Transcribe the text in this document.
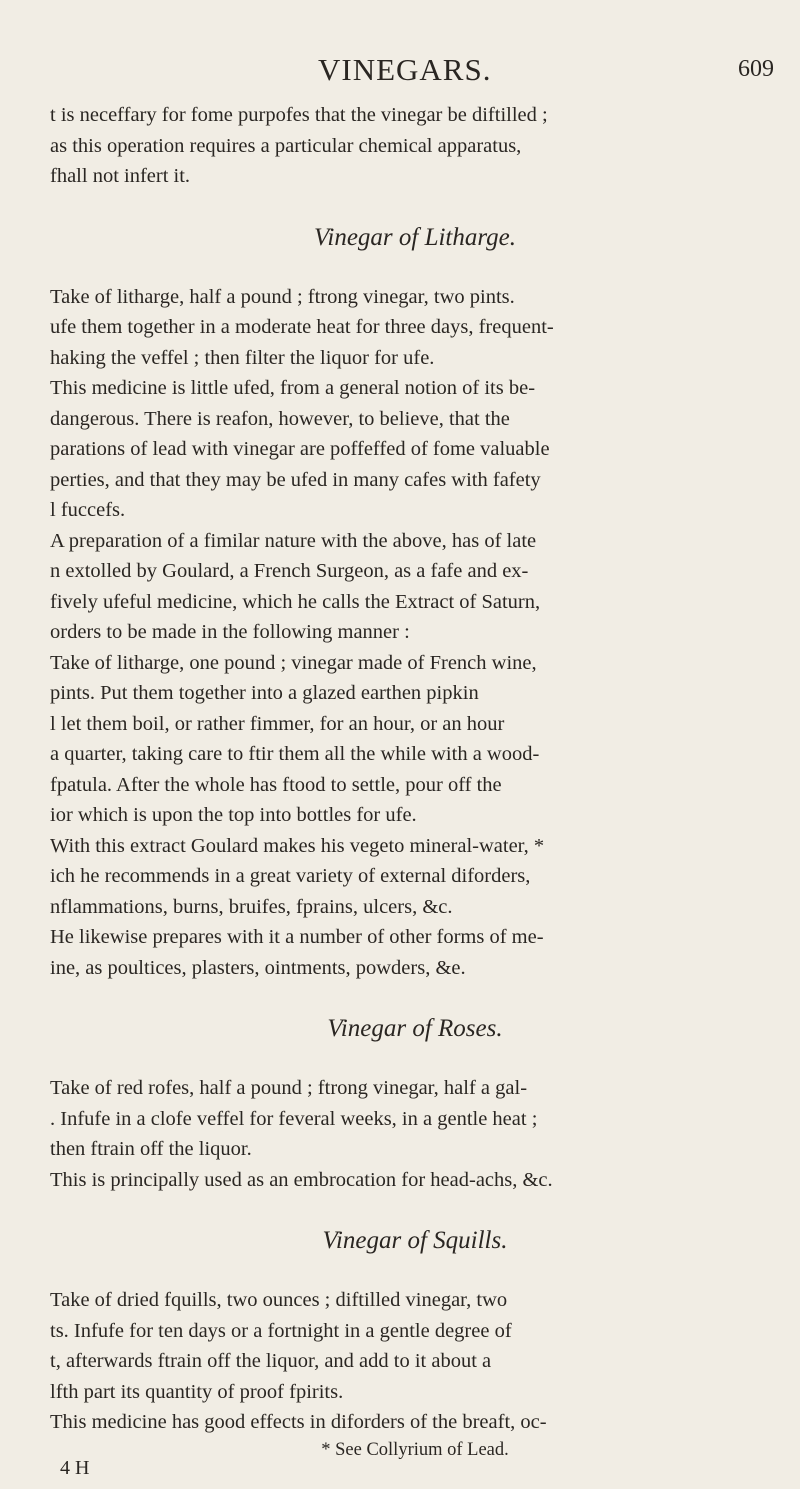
VINEGARS.	609
t is neceffary for fome purpofes that the vinegar be diftilled ;
as this operation requires a particular chemical apparatus,
fhall not infert it.
Vinegar of Litharge.
Take of litharge, half a pound ; ftrong vinegar, two pints.
ufe them together in a moderate heat for three days, frequent-
haking the veffel ; then filter the liquor for ufe.
This medicine is little ufed, from a general notion of its be-
dangerous. There is reafon, however, to believe, that the
parations of lead with vinegar are poffeffed of fome valuable
perties, and that they may be ufed in many cafes with fafety
l fuccefs.
A preparation of a fimilar nature with the above, has of late
n extolled by Goulard, a French Surgeon, as a fafe and ex-
fively ufeful medicine, which he calls the Extract of Saturn,
orders to be made in the following manner :
Take of litharge, one pound ; vinegar made of French wine,
pints. Put them together into a glazed earthen pipkin
l let them boil, or rather fimmer, for an hour, or an hour
a quarter, taking care to ftir them all the while with a wood-
fpatula. After the whole has ftood to settle, pour off the
ior which is upon the top into bottles for ufe.
With this extract Goulard makes his vegeto mineral-water, *
ich he recommends in a great variety of external diforders,
nflammations, burns, bruifes, fprains, ulcers, &c.
He likewise prepares with it a number of other forms of me-
ine, as poultices, plasters, ointments, powders, &e.
Vinegar of Roses.
Take of red rofes, half a pound ; ftrong vinegar, half a gal-
. Infufe in a clofe veffel for feveral weeks, in a gentle heat ;
then ftrain off the liquor.
This is principally used as an embrocation for head-achs, &c.
Vinegar of Squills.
Take of dried fquills, two ounces ; diftilled vinegar, two
ts. Infufe for ten days or a fortnight in a gentle degree of
t, afterwards ftrain off the liquor, and add to it about a
lfth part its quantity of proof fpirits.
This medicine has good effects in diforders of the breaft, oc-
* See Collyrium of Lead.
4 H
